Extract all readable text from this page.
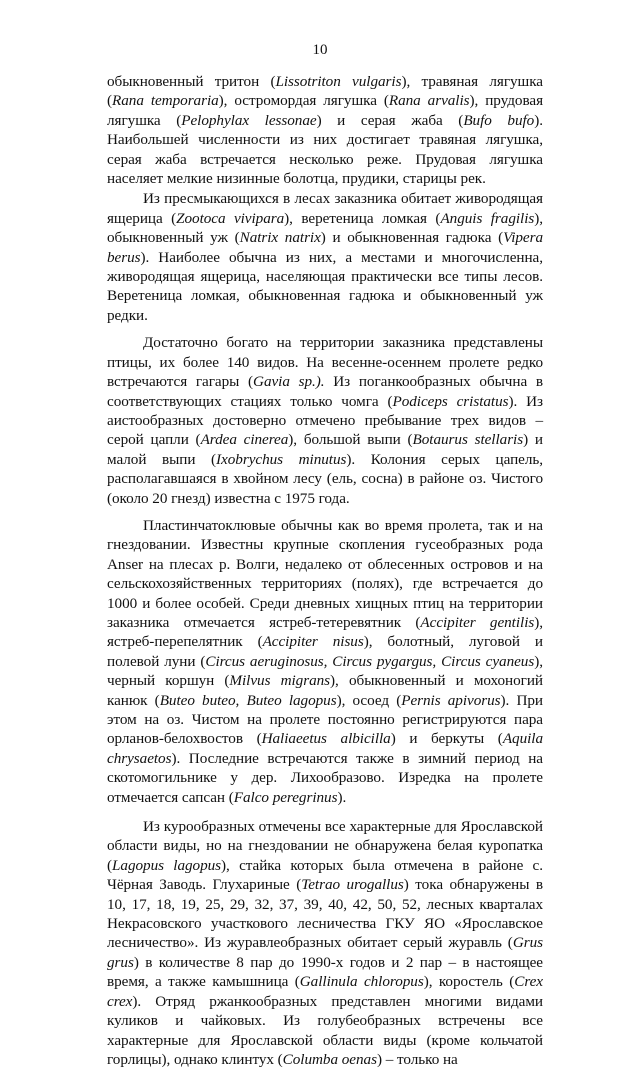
10

обыкновенный тритон (Lissotriton vulgaris), травяная лягушка (Rana temporaria), остромордая лягушка (Rana arvalis), прудовая лягушка (Pelophylax lessonae) и серая жаба (Bufo bufo). Наибольшей численности из них достигает травяная лягушка, серая жаба встречается несколько реже. Прудовая лягушка населяет мелкие низинные болотца, прудики, старицы рек.

Из пресмыкающихся в лесах заказника обитает живородящая ящерица (Zootoca vivipara), веретеница ломкая (Anguis fragilis), обыкновенный уж (Natrix natrix) и обыкновенная гадюка (Vipera berus). Наиболее обычна из них, а местами и многочисленна, живородящая ящерица, населяющая практически все типы лесов. Веретеница ломкая, обыкновенная гадюка и обыкновенный уж редки.

Достаточно богато на территории заказника представлены птицы, их более 140 видов. На весенне-осеннем пролете редко встречаются гагары (Gavia sp.). Из поганкообразных обычна в соответствующих стациях только чомга (Podiceps cristatus). Из аистообразных достоверно отмечено пребывание трех видов – серой цапли (Ardea cinerea), большой выпи (Botaurus stellaris) и малой выпи (Ixobrychus minutus). Колония серых цапель, располагавшаяся в хвойном лесу (ель, сосна) в районе оз. Чистого (около 20 гнезд) известна с 1975 года.

Пластинчатоклювые обычны как во время пролета, так и на гнездовании. Известны крупные скопления гусеобразных рода Anser на плесах р. Волги, недалеко от облесенных островов и на сельскохозяйственных территориях (полях), где встречается до 1000 и более особей. Среди дневных хищных птиц на территории заказника отмечается ястреб-тетеревятник (Accipiter gentilis), ястреб-перепелятник (Accipiter nisus), болотный, луговой и полевой луни (Circus aeruginosus, Circus pygargus, Circus cyaneus), черный коршун (Milvus migrans), обыкновенный и мохоногий канюк (Buteo buteo, Buteo lagopus), осоед (Pernis apivorus). При этом на оз. Чистом на пролете постоянно регистрируются пара орланов-белохвостов (Haliaeetus albicilla) и беркуты (Aquila chrysaetos). Последние встречаются также в зимний период на скотомогильнике у дер. Лихообразово. Изредка на пролете отмечается сапсан (Falco peregrinus).

Из курообразных отмечены все характерные для Ярославской области виды, но на гнездовании не обнаружена белая куропатка (Lagopus lagopus), стайка которых была отмечена в районе с. Чёрная Заводь. Глухариные (Tetrao urogallus) тока обнаружены в 10, 17, 18, 19, 25, 29, 32, 37, 39, 40, 42, 50, 52, лесных кварталах Некрасовского участкового лесничества ГКУ ЯО «Ярославское лесничество». Из журавлеобразных обитает серый журавль (Grus grus) в количестве 8 пар до 1990-х годов и 2 пар – в настоящее время, а также камышница (Gallinula chloropus), коростель (Crex crex). Отряд ржанкообразных представлен многими видами куликов и чайковых. Из голубеобразных встречены все характерные для Ярославской области виды (кроме кольчатой горлицы), однако клинтух (Columba oenas) – только на
